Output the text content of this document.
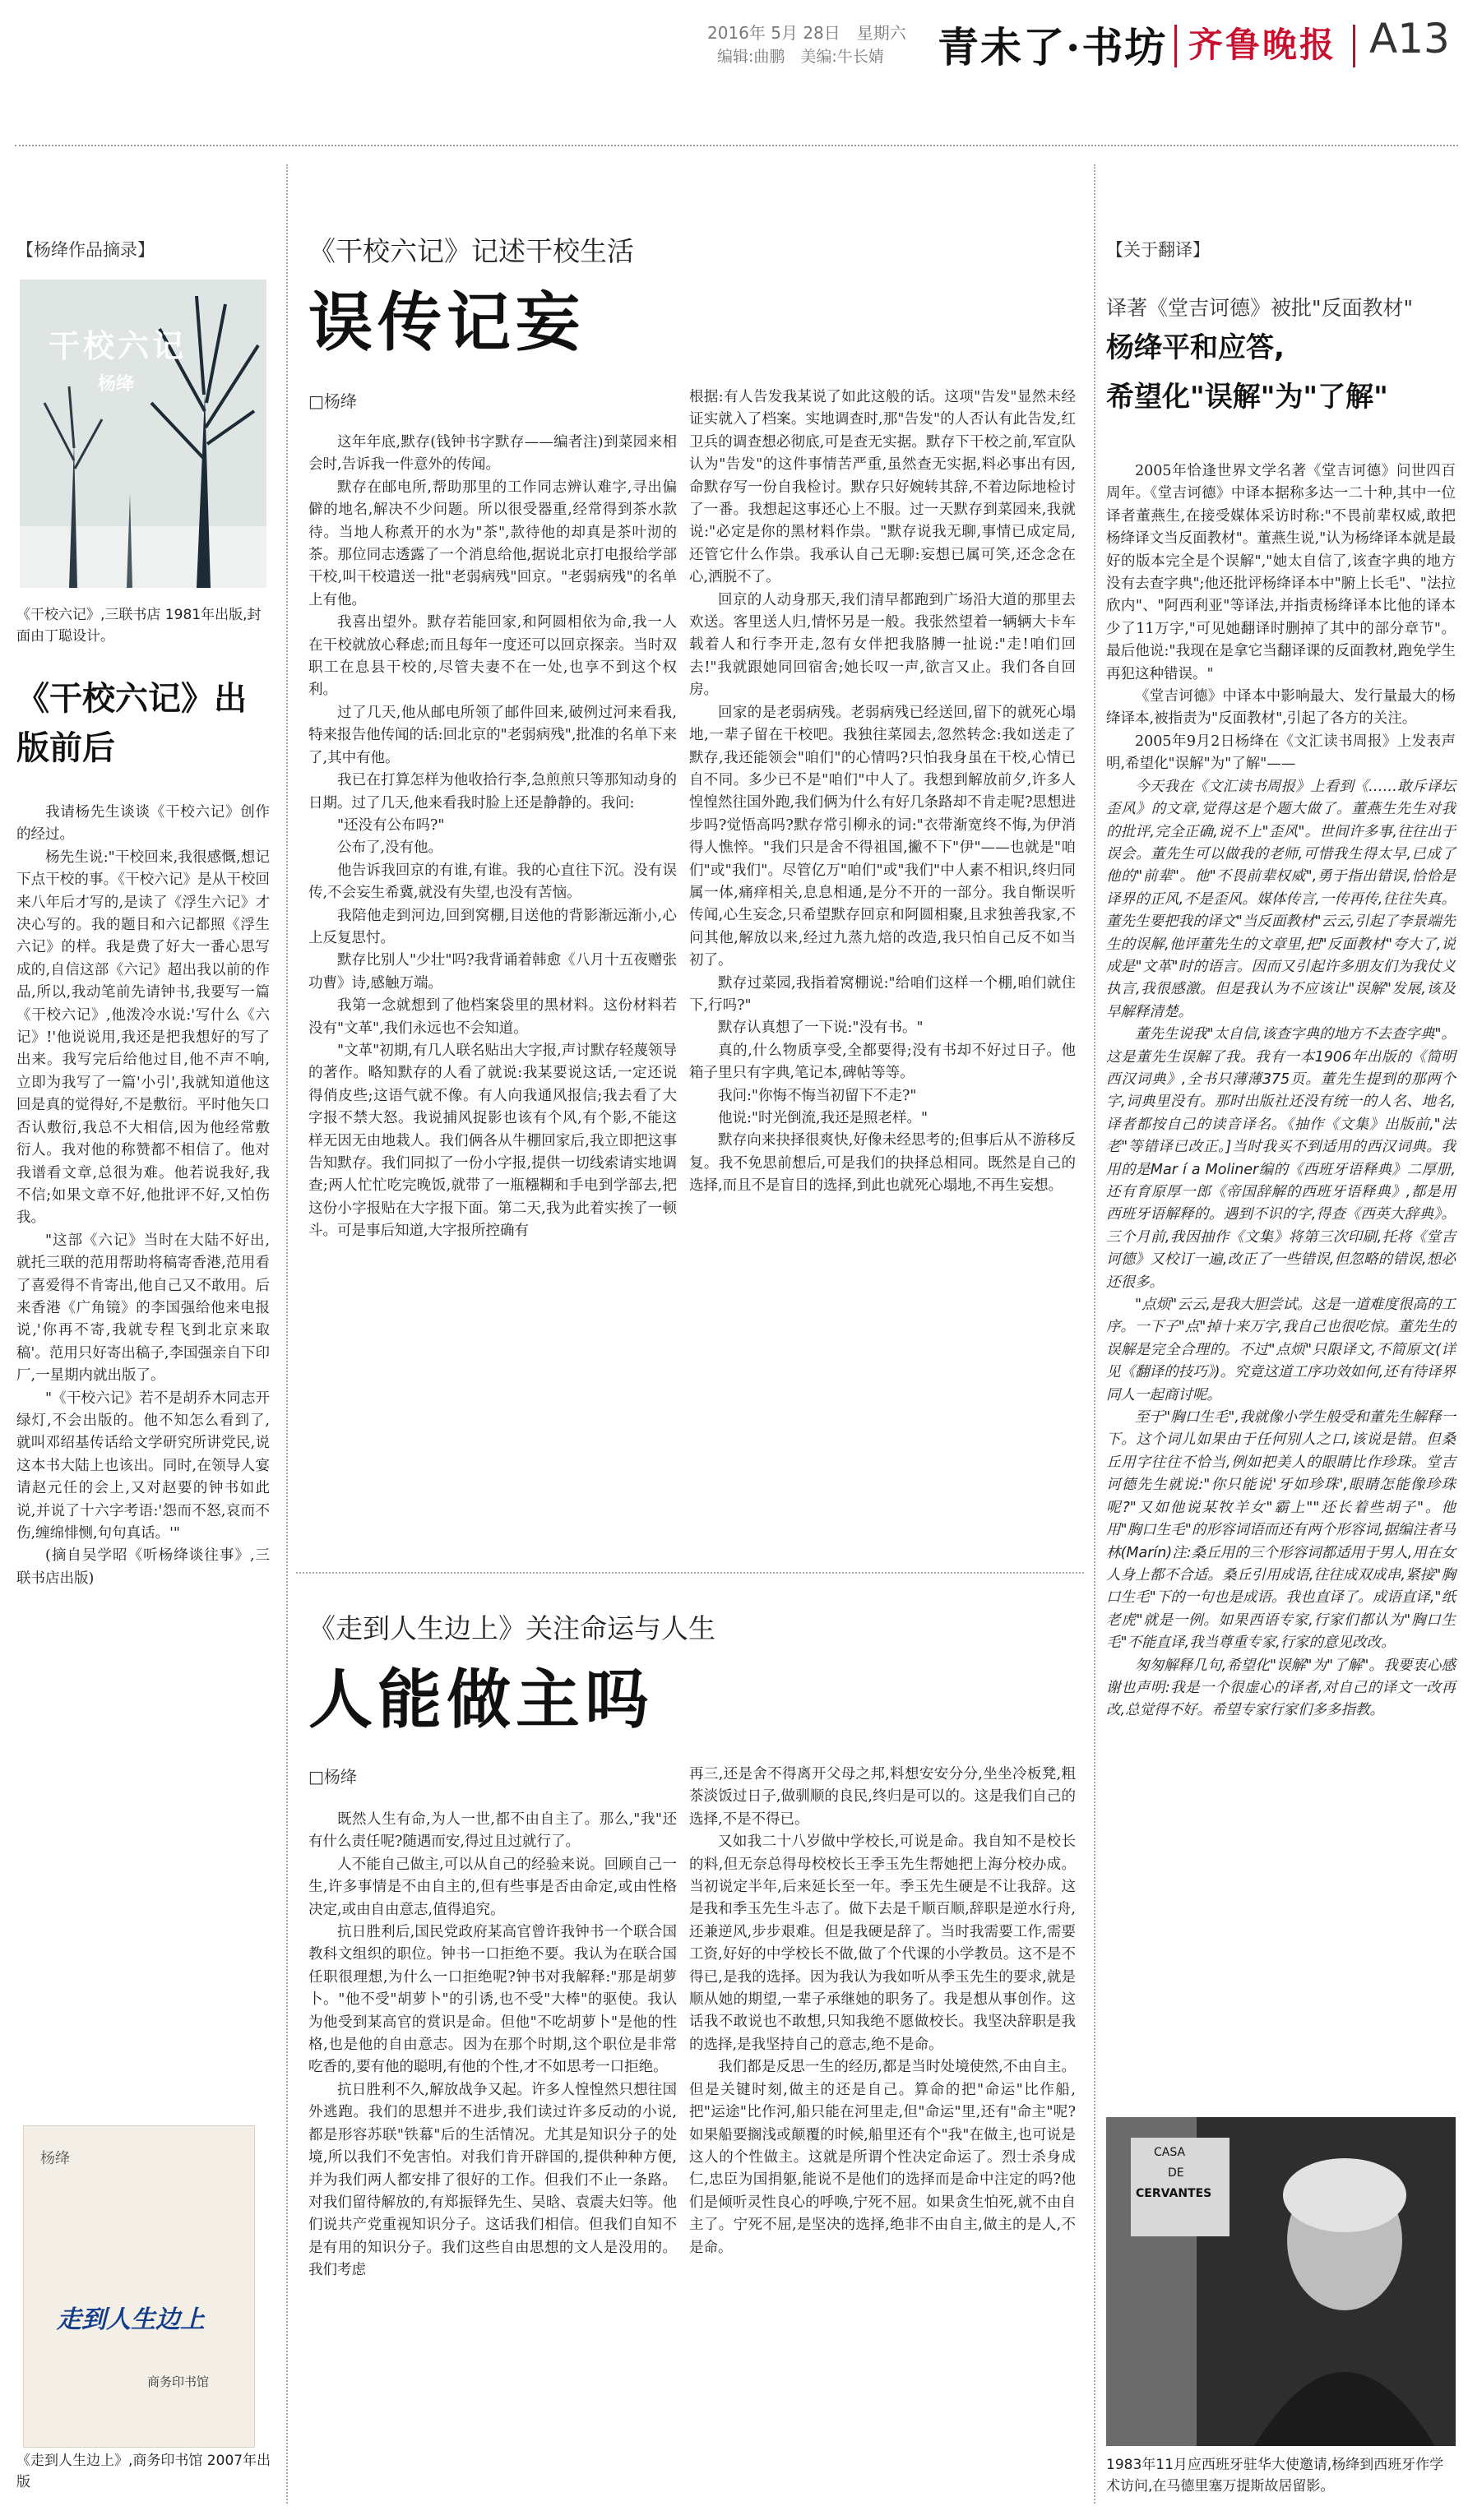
2016年 5月 28日　星期六
编辑:曲鹏　美编:牛长婧 青未了·书坊 齐鲁晚报 A13
【杨绛作品摘录】
干校六记
杨绛
《干校六记》,三联书店 1981年出版,封面由丁聪设计。
《干校六记》出版前后

我请杨先生谈谈《干校六记》创作的经过。

杨先生说:"干校回来,我很感慨,想记下点干校的事。《干校六记》是从干校回来八年后才写的,是读了《浮生六记》才决心写的。我的题目和六记都照《浮生六记》的样。我是费了好大一番心思写成的,自信这部《六记》超出我以前的作品,所以,我动笔前先请钟书,我要写一篇《干校六记》,他泼冷水说:'写什么《六记》!'他说说用,我还是把我想好的写了出来。我写完后给他过目,他不声不响,立即为我写了一篇'小引',我就知道他这回是真的觉得好,不是敷衍。平时他矢口否认敷衍,我总不大相信,因为他经常敷衍人。我对他的称赞都不相信了。他对我谱看文章,总很为难。他若说我好,我不信;如果文章不好,他批评不好,又怕伤我。

"这部《六记》当时在大陆不好出,就托三联的范用帮助将稿寄香港,范用看了喜爱得不肯寄出,他自己又不敢用。后来香港《广角镜》的李国强给他来电报说,'你再不寄,我就专程飞到北京来取稿'。范用只好寄出稿子,李国强亲自下印厂,一星期内就出版了。

"《干校六记》若不是胡乔木同志开绿灯,不会出版的。他不知怎么看到了,就叫邓绍基传话给文学研究所讲党民,说这本书大陆上也该出。同时,在领导人宴请赵元任的会上,又对赵要的钟书如此说,并说了十六字考语:'怨而不怒,哀而不伤,缠绵悱恻,句句真话。'"

(摘自吴学昭《听杨绛谈往事》,三联书店出版)

杨绛
走到人生边上
商务印书馆
《走到人生边上》,商务印书馆 2007年出版
《干校六记》记述干校生活
误传记妄
□杨绛

这年年底,默存(钱钟书字默存——编者注)到菜园来相会时,告诉我一件意外的传闻。

默存在邮电所,帮助那里的工作同志辨认难字,寻出偏僻的地名,解决不少问题。所以很受器重,经常得到茶水款待。当地人称煮开的水为"茶",款待他的却真是茶叶沏的茶。那位同志透露了一个消息给他,据说北京打电报给学部干校,叫干校遣送一批"老弱病残"回京。"老弱病残"的名单上有他。

我喜出望外。默存若能回家,和阿圆相依为命,我一人在干校就放心释虑;而且每年一度还可以回京探亲。当时双职工在息县干校的,尽管夫妻不在一处,也享不到这个权利。

过了几天,他从邮电所领了邮件回来,破例过河来看我,特来报告他传闻的话:回北京的"老弱病残",批准的名单下来了,其中有他。

我已在打算怎样为他收拾行李,急煎煎只等那知动身的日期。过了几天,他来看我时脸上还是静静的。我问:

"还没有公布吗?"

公布了,没有他。

他告诉我回京的有谁,有谁。我的心直往下沉。没有误传,不会妄生希冀,就没有失望,也没有苦恼。

我陪他走到河边,回到窝棚,目送他的背影渐远渐小,心上反复思忖。

默存比别人"少壮"吗?我背诵着韩愈《八月十五夜赠张功曹》诗,感触万端。

我第一念就想到了他档案袋里的黑材料。这份材料若没有"文革",我们永远也不会知道。

"文革"初期,有几人联名贴出大字报,声讨默存轻蔑领导的著作。略知默存的人看了就说:我某要说这话,一定还说得俏皮些;这语气就不像。有人向我通风报信;我去看了大字报不禁大怒。我说捕风捉影也该有个风,有个影,不能这样无因无由地栽人。我们俩各从牛棚回家后,我立即把这事告知默存。我们同拟了一份小字报,提供一切线索请实地调查;两人忙忙吃完晚饭,就带了一瓶糨糊和手电到学部去,把这份小字报贴在大字报下面。第二天,我为此着实挨了一顿斗。可是事后知道,大字报所控确有

根据:有人告发我某说了如此这般的话。这项"告发"显然未经证实就入了档案。实地调查时,那"告发"的人否认有此告发,红卫兵的调查想必彻底,可是查无实据。默存下干校之前,军宣队认为"告发"的这件事情苦严重,虽然查无实据,料必事出有因,命默存写一份自我检讨。默存只好婉转其辞,不着边际地检讨了一番。我想起这事还心上不服。过一天默存到菜园来,我就说:"必定是你的黑材料作祟。"默存说我无聊,事情已成定局,还管它什么作祟。我承认自己无聊:妄想已属可笑,还念念在心,洒脱不了。

回京的人动身那天,我们清早都跑到广场沿大道的那里去欢送。客里送人归,情怀另是一般。我张然望着一辆辆大卡车载着人和行李开走,忽有女伴把我胳膊一扯说:"走!咱们回去!"我就跟她同回宿舍;她长叹一声,欲言又止。我们各自回房。

回家的是老弱病残。老弱病残已经送回,留下的就死心塌地,一辈子留在干校吧。我独往菜园去,忽然转念:我如送走了默存,我还能领会"咱们"的心情吗?只怕我身虽在干校,心情已自不同。多少已不是"咱们"中人了。我想到解放前夕,许多人惶惶然往国外跑,我们俩为什么有好几条路却不肯走呢?思想进步吗?觉悟高吗?默存常引柳永的词:"衣带渐宽终不悔,为伊消得人憔悴。"我们只是舍不得祖国,撇不下"伊"——也就是"咱们"或"我们"。尽管亿万"咱们"或"我们"中人素不相识,终归同属一体,痛痒相关,息息相通,是分不开的一部分。我自惭误听传闻,心生妄念,只希望默存回京和阿圆相聚,且求独善我家,不问其他,解放以来,经过九蒸九焙的改造,我只怕自己反不如当初了。

默存过菜园,我指着窝棚说:"给咱们这样一个棚,咱们就住下,行吗?"

默存认真想了一下说:"没有书。"

真的,什么物质享受,全都要得;没有书却不好过日子。他箱子里只有字典,笔记本,碑帖等等。

我问:"你悔不悔当初留下不走?"

他说:"时光倒流,我还是照老样。"

默存向来抉择很爽快,好像未经思考的;但事后从不游移反复。我不免思前想后,可是我们的抉择总相同。既然是自己的选择,而且不是盲目的选择,到此也就死心塌地,不再生妄想。

《走到人生边上》关注命运与人生
人能做主吗
□杨绛

既然人生有命,为人一世,都不由自主了。那么,"我"还有什么责任呢?随遇而安,得过且过就行了。

人不能自己做主,可以从自己的经验来说。回顾自己一生,许多事情是不由自主的,但有些事是否由命定,或由性格决定,或由自由意志,值得追究。

抗日胜利后,国民党政府某高官曾许我钟书一个联合国教科文组织的职位。钟书一口拒绝不要。我认为在联合国任职很理想,为什么一口拒绝呢?钟书对我解释:"那是胡萝卜。"他不受"胡萝卜"的引诱,也不受"大棒"的驱使。我认为他受到某高官的赏识是命。但他"不吃胡萝卜"是他的性格,也是他的自由意志。因为在那个时期,这个职位是非常吃香的,要有他的聪明,有他的个性,才不如思考一口拒绝。

抗日胜利不久,解放战争又起。许多人惶惶然只想往国外逃跑。我们的思想并不进步,我们读过许多反动的小说,都是形容苏联"铁幕"后的生活情况。尤其是知识分子的处境,所以我们不免害怕。对我们肯开辟国的,提供种种方便,并为我们两人都安排了很好的工作。但我们不止一条路。对我们留待解放的,有郑振铎先生、吴晗、袁震夫妇等。他们说共产党重视知识分子。这话我们相信。但我们自知不是有用的知识分子。我们这些自由思想的文人是没用的。我们考虑

再三,还是舍不得离开父母之邦,料想安安分分,坐坐冷板凳,粗茶淡饭过日子,做驯顺的良民,终归是可以的。这是我们自己的选择,不是不得已。

又如我二十八岁做中学校长,可说是命。我自知不是校长的料,但无奈总得母校校长王季玉先生帮她把上海分校办成。当初说定半年,后来延长至一年。季玉先生硬是不让我辞。这是我和季玉先生斗志了。做下去是千顺百顺,辞职是逆水行舟,还兼逆风,步步艰难。但是我硬是辞了。当时我需要工作,需要工资,好好的中学校长不做,做了个代课的小学教员。这不是不得已,是我的选择。因为我认为我如听从季玉先生的要求,就是顺从她的期望,一辈子承继她的职务了。我是想从事创作。这话我不敢说也不敢想,只知我绝不愿做校长。我坚决辞职是我的选择,是我坚持自己的意志,绝不是命。

我们都是反思一生的经历,都是当时处境使然,不由自主。但是关键时刻,做主的还是自己。算命的把"命运"比作船,把"运途"比作河,船只能在河里走,但"命运"里,还有"命主"呢?如果船要搁浅或颠覆的时候,船里还有个"我"在做主,也可说是这人的个性做主。这就是所谓个性决定命运了。烈士杀身成仁,忠臣为国捐躯,能说不是他们的选择而是命中注定的吗?他们是倾听灵性良心的呼唤,宁死不屈。如果贪生怕死,就不由自主了。宁死不屈,是坚决的选择,绝非不由自主,做主的是人,不是命。

【关于翻译】
译著《堂吉诃德》被批"反面教材"
杨绛平和应答,
希望化"误解"为"了解"

2005年恰逢世界文学名著《堂吉诃德》问世四百周年。《堂吉诃德》中译本据称多达一二十种,其中一位译者董燕生,在接受媒体采访时称:"不畏前辈权威,敢把杨绛译文当反面教材"。董燕生说,"认为杨绛译本就是最好的版本完全是个误解","她太自信了,该查字典的地方没有去查字典";他还批评杨绛译本中"腑上长毛"、"法拉欣内"、"阿西利亚"等译法,并指责杨绛译本比他的译本少了11万字,"可见她翻译时删掉了其中的部分章节"。最后他说:"我现在是拿它当翻译课的反面教材,跑免学生再犯这种错误。"

《堂吉诃德》中译本中影响最大、发行量最大的杨绛译本,被指责为"反面教材",引起了各方的关注。

2005年9月2日杨绛在《文汇读书周报》上发表声明,希望化"误解"为"了解"——

今天我在《文汇读书周报》上看到《……敢斥译坛歪风》的文章,觉得这是个题大做了。董燕生先生对我的批评,完全正确,说不上"歪风"。世间许多事,往往出于误会。董先生可以做我的老师,可惜我生得太早,已成了他的"前辈"。他"不畏前辈权威",勇于指出错误,恰恰是译界的正风,不是歪风。媒体传言,一传再传,往往失真。董先生要把我的译文"当反面教材"云云,引起了李景端先生的误解,他评董先生的文章里,把"反面教材"夸大了,说成是"文革"时的语言。因而又引起许多朋友们为我仗义执言,我很感激。但是我认为不应该让"误解"发展,该及早解释清楚。

董先生说我"太自信,该查字典的地方不去查字典"。这是董先生误解了我。我有一本1906年出版的《简明西汉词典》,全书只薄薄375页。董先生提到的那两个字,词典里没有。那时出版社还没有统一的人名、地名,译者都按自己的读音译名。《抽作《文集》出版前,"法老"等错译已改正。]当时我买不到适用的西汉词典。我用的是Mar í a Moliner编的《西班牙语释典》二厚册,还有育原厚一郎《帝国辞解的西班牙语释典》,都是用西班牙语解释的。遇到不识的字,得查《西英大辞典》。三个月前,我因抽作《文集》将第三次印刷,托将《堂吉诃德》又校订一遍,改正了一些错误,但忽略的错误,想必还很多。

"点烦"云云,是我大胆尝试。这是一道难度很高的工序。一下子"点"掉十来万字,我自己也很吃惊。董先生的误解是完全合理的。不过"点烦"只限译文,不简原文(详见《翻译的技巧》)。究竟这道工序功效如何,还有待译界同人一起商讨呢。

至于"胸口生毛",我就像小学生般受和董先生解释一下。这个词儿如果由于任何别人之口,该说是错。但桑丘用字往往不恰当,例如把美人的眼睛比作珍珠。堂吉诃德先生就说:"你只能说'牙如珍珠',眼睛怎能像珍珠呢?"又如他说某牧羊女"霸上""还长着些胡子"。他用"胸口生毛"的形容词语而还有两个形容词,据编注者马林(Marín)注:桑丘用的三个形容词都适用于男人,用在女人身上都不合适。桑丘引用成语,往往成双成串,紧接"胸口生毛"下的一句也是成语。我也直译了。成语直译,"纸老虎"就是一例。如果西语专家,行家们都认为"胸口生毛"不能直译,我当尊重专家,行家的意见改改。

匆匆解释几句,希望化"误解"为"了解"。我要衷心感谢也声明:我是一个很虚心的译者,对自己的译文一改再改,总觉得不好。希望专家行家们多多指教。

CASA
DE
CERVANTES
1983年11月应西班牙驻华大使邀请,杨绛到西班牙作学术访问,在马德里塞万提斯故居留影。
